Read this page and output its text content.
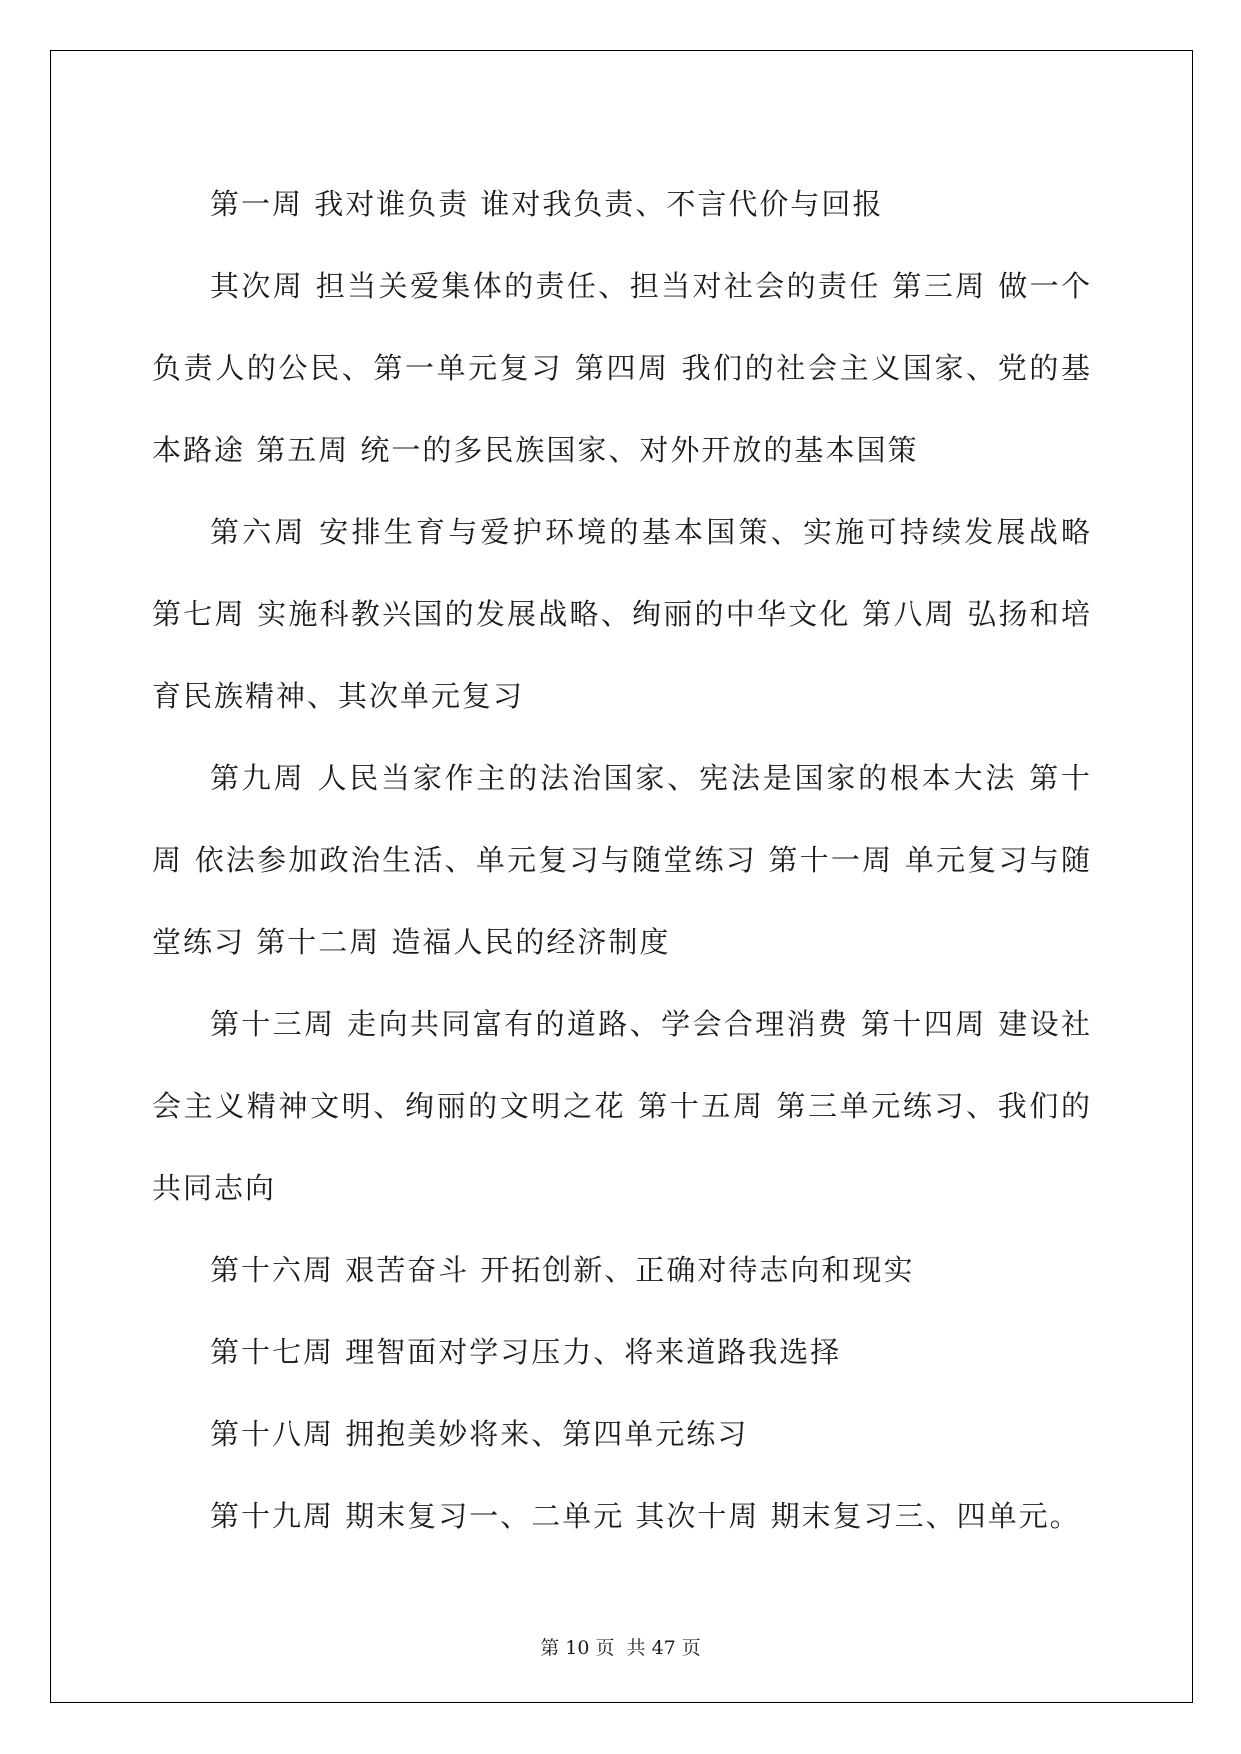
第一周 我对谁负责 谁对我负责、不言代价与回报

其次周 担当关爱集体的责任、担当对社会的责任 第三周 做一个负责人的公民、第一单元复习 第四周 我们的社会主义国家、党的基本路途 第五周 统一的多民族国家、对外开放的基本国策

第六周 安排生育与爱护环境的基本国策、实施可持续发展战略 第七周 实施科教兴国的发展战略、绚丽的中华文化 第八周 弘扬和培育民族精神、其次单元复习

第九周 人民当家作主的法治国家、宪法是国家的根本大法 第十周 依法参加政治生活、单元复习与随堂练习 第十一周 单元复习与随堂练习 第十二周 造福人民的经济制度

第十三周 走向共同富有的道路、学会合理消费 第十四周 建设社会主义精神文明、绚丽的文明之花 第十五周 第三单元练习、我们的共同志向

第十六周 艰苦奋斗 开拓创新、正确对待志向和现实

第十七周 理智面对学习压力、将来道路我选择

第十八周 拥抱美妙将来、第四单元练习

第十九周 期末复习一、二单元 其次十周 期末复习三、四单元。

第 10 页  共 47 页
